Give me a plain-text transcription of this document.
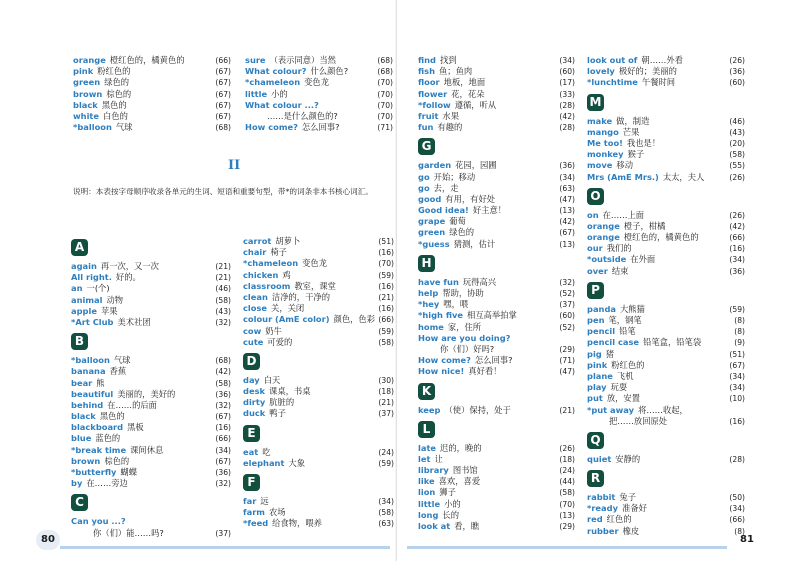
orange 橙红色的，橘黄色的	(66)
pink 粉红色的	(67)
green 绿色的	(67)
brown 棕色的	(67)
black 黑色的	(67)
white 白色的	(67)
*balloon 气球	(68)
sure （表示同意）当然	(68)
What colour? 什么颜色?	(68)
*chameleon 变色龙	(70)
little 小的	(70)
What colour ...?	(70)
……是什么颜色的?	(70)
How come? 怎么回事?	(71)
II
说明：本表按字母顺序收录各单元的生词、短语和重要句型，带*的词条非本书核心词汇。
A
again 再一次，又一次	(21)
All right. 好的。	(21)
an 一(个)	(46)
animal 动物	(58)
apple 苹果	(43)
*Art Club 美术社团	(32)
B
*balloon 气球	(68)
banana 香蕉	(42)
bear 熊	(58)
beautiful 美丽的，美好的	(36)
behind 在……的后面	(32)
black 黑色的	(67)
blackboard 黑板	(16)
blue 蓝色的	(66)
*break time 课间休息	(34)
brown 棕色的	(67)
*butterfly 蝴蝶	(36)
by 在……旁边	(32)
C
Can you ...?
你（们）能……吗?	(37)
carrot 胡萝卜	(51)
chair 椅子	(16)
*chameleon 变色龙	(70)
chicken 鸡	(59)
classroom 教室，课堂	(16)
clean 洁净的，干净的	(21)
close 关，关闭	(16)
colour (AmE color) 颜色，色彩 (66)
cow 奶牛	(59)
cute 可爱的	(58)
D
day 白天	(30)
desk 课桌，书桌	(18)
dirty 肮脏的	(21)
duck 鸭子	(37)
E
eat 吃	(24)
elephant 大象	(59)
F
far 远	(34)
farm 农场	(58)
*feed 给食物，喂养	(63)
80
find 找到	(34)
fish 鱼；鱼肉	(60)
floor 地板，地面	(17)
flower 花，花朵	(33)
*follow 遵循，听从	(28)
fruit 水果	(42)
fun 有趣的	(28)
G
garden 花园，园圃	(36)
go 开始；移动	(34)
go 去，走	(63)
good 有用，有好处	(47)
Good idea! 好主意！	(13)
grape 葡萄	(42)
green 绿色的	(67)
*guess 猜测，估计	(13)
H
have fun 玩得高兴	(32)
help 帮助，协助	(52)
*hey 嘿，喂	(37)
*high five 相互高举拍掌	(60)
home 家，住所	(52)
How are you doing?
你（们）好吗?	(29)
How come? 怎么回事?	(71)
How nice! 真好看！	(47)
K
keep （使）保持，处于	(21)
L
late 迟的，晚的	(26)
let 让	(18)
library 图书馆	(24)
like 喜欢，喜爱	(44)
lion 狮子	(58)
little 小的	(70)
long 长的	(13)
look at 看，瞧	(29)
look out of 朝……外看	(26)
lovely 极好的；美丽的	(36)
*lunchtime 午餐时间	(60)
M
make 做，制造	(46)
mango 芒果	(43)
Me too! 我也是！	(20)
monkey 猴子	(58)
move 移动	(55)
Mrs (AmE Mrs.) 太太，夫人	(26)
O
on 在……上面	(26)
orange 橙子，柑橘	(42)
orange 橙红色的，橘黄色的	(66)
our 我们的	(16)
*outside 在外面	(34)
over 结束	(36)
P
panda 大熊猫	(59)
pen 笔，钢笔	(8)
pencil 铅笔	(8)
pencil case 铅笔盒，铅笔袋	(9)
pig 猪	(51)
pink 粉红色的	(67)
plane 飞机	(34)
play 玩耍	(34)
put 放，安置	(10)
*put away 将……收起，
把……放回原处	(16)
Q
quiet 安静的	(28)
R
rabbit 兔子	(50)
*ready 准备好	(34)
red 红色的	(66)
rubber 橡皮	(8)
81
